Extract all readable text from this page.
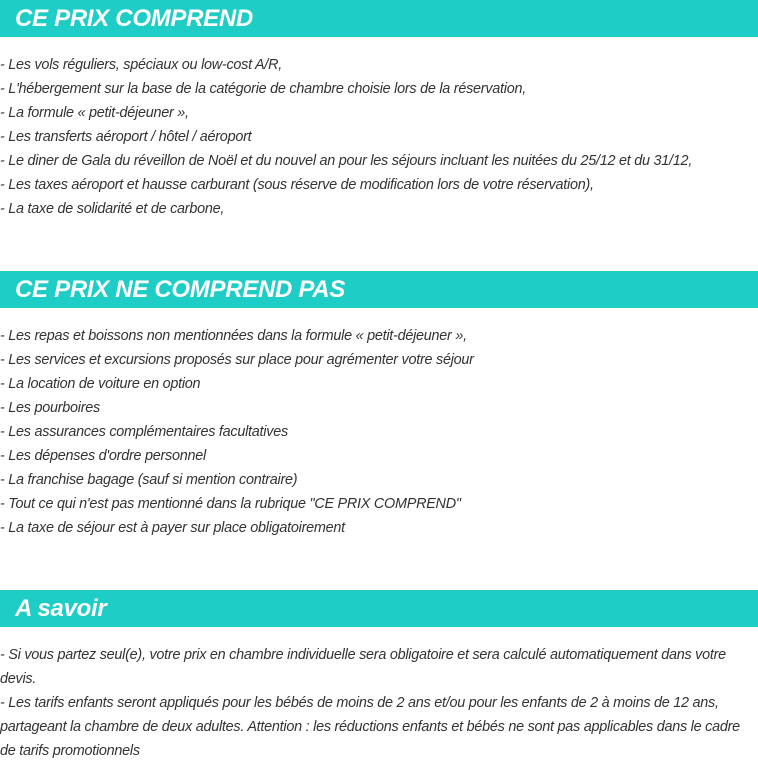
CE PRIX COMPREND
- Les vols réguliers, spéciaux ou low-cost A/R,
- L'hébergement sur la base de la catégorie de chambre choisie lors de la réservation,
- La formule « petit-déjeuner »,
- Les transferts aéroport / hôtel / aéroport
- Le diner de Gala du réveillon de Noël et du nouvel an pour les séjours incluant les nuitées du 25/12 et du 31/12,
- Les taxes aéroport et hausse carburant (sous réserve de modification lors de votre réservation),
- La taxe de solidarité et de carbone,
CE PRIX NE COMPREND PAS
- Les repas et boissons non mentionnées dans la formule « petit-déjeuner »,
- Les services et excursions proposés sur place pour agrémenter votre séjour
- La location de voiture en option
- Les pourboires
- Les assurances complémentaires facultatives
- Les dépenses d'ordre personnel
- La franchise bagage (sauf si mention contraire)
- Tout ce qui n'est pas mentionné dans la rubrique "CE PRIX COMPREND"
- La taxe de séjour est à payer sur place obligatoirement
A savoir

- Si vous partez seul(e), votre prix en chambre individuelle sera obligatoire et sera calculé automatiquement dans votre devis.

- Les tarifs enfants seront appliqués pour les bébés de moins de 2 ans et/ou pour les enfants de 2 à moins de 12 ans, partageant la chambre de deux adultes. Attention : les réductions enfants et bébés ne sont pas applicables dans le cadre de tarifs promotionnels
